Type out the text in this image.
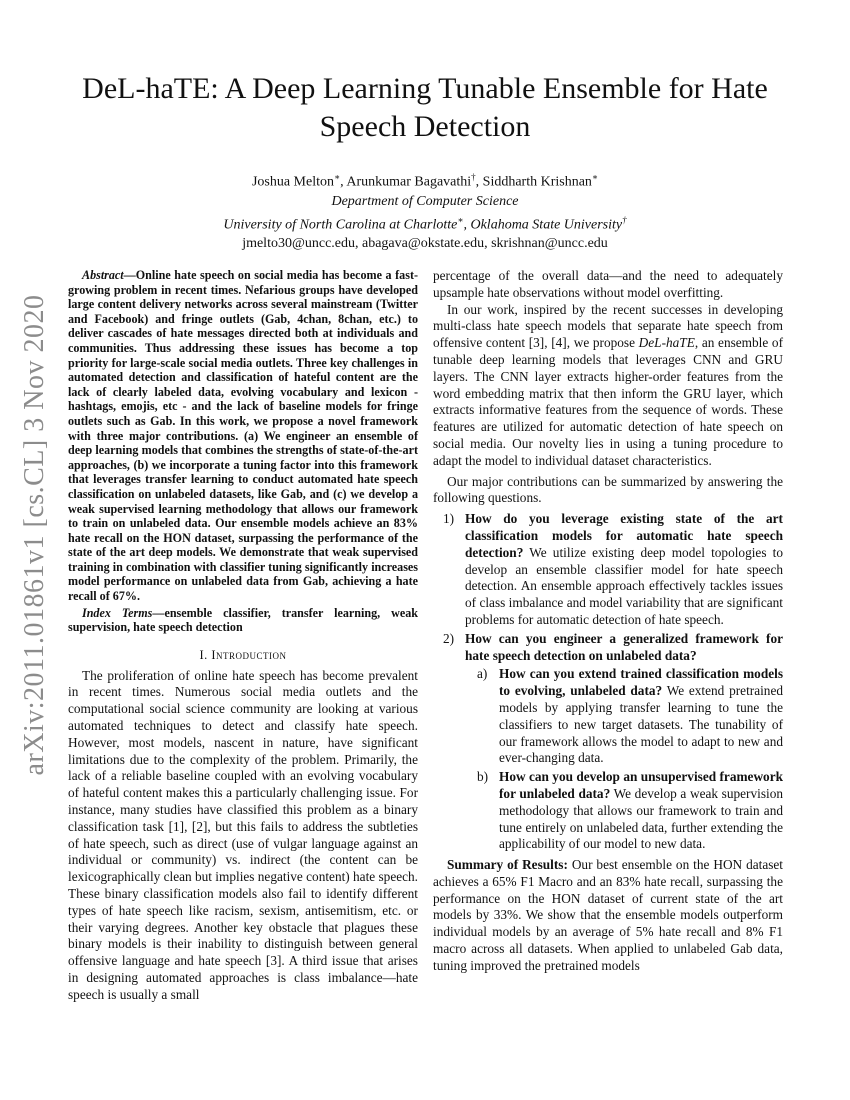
arXiv:2011.01861v1 [cs.CL] 3 Nov 2020
DeL-haTE: A Deep Learning Tunable Ensemble for Hate Speech Detection
Joshua Melton∗, Arunkumar Bagavathi†, Siddharth Krishnan∗
Department of Computer Science
University of North Carolina at Charlotte∗, Oklahoma State University†
jmelto30@uncc.edu, abagava@okstate.edu, skrishnan@uncc.edu

Abstract—Online hate speech on social media has become a fast-growing problem in recent times. Nefarious groups have developed large content delivery networks across several mainstream (Twitter and Facebook) and fringe outlets (Gab, 4chan, 8chan, etc.) to deliver cascades of hate messages directed both at individuals and communities. Thus addressing these issues has become a top priority for large-scale social media outlets. Three key challenges in automated detection and classification of hateful content are the lack of clearly labeled data, evolving vocabulary and lexicon - hashtags, emojis, etc - and the lack of baseline models for fringe outlets such as Gab. In this work, we propose a novel framework with three major contributions. (a) We engineer an ensemble of deep learning models that combines the strengths of state-of-the-art approaches, (b) we incorporate a tuning factor into this framework that leverages transfer learning to conduct automated hate speech classification on unlabeled datasets, like Gab, and (c) we develop a weak supervised learning methodology that allows our framework to train on unlabeled data. Our ensemble models achieve an 83% hate recall on the HON dataset, surpassing the performance of the state of the art deep models. We demonstrate that weak supervised training in combination with classifier tuning significantly increases model performance on unlabeled data from Gab, achieving a hate recall of 67%.

Index Terms—ensemble classifier, transfer learning, weak supervision, hate speech detection

I. Introduction

The proliferation of online hate speech has become prevalent in recent times. Numerous social media outlets and the computational social science community are looking at various automated techniques to detect and classify hate speech. However, most models, nascent in nature, have significant limitations due to the complexity of the problem. Primarily, the lack of a reliable baseline coupled with an evolving vocabulary of hateful content makes this a particularly challenging issue. For instance, many studies have classified this problem as a binary classification task [1], [2], but this fails to address the subtleties of hate speech, such as direct (use of vulgar language against an individual or community) vs. indirect (the content can be lexicographically clean but implies negative content) hate speech. These binary classification models also fail to identify different types of hate speech like racism, sexism, antisemitism, etc. or their varying degrees. Another key obstacle that plagues these binary models is their inability to distinguish between general offensive language and hate speech [3]. A third issue that arises in designing automated approaches is class imbalance—hate speech is usually a small

percentage of the overall data—and the need to adequately upsample hate observations without model overfitting.

In our work, inspired by the recent successes in developing multi-class hate speech models that separate hate speech from offensive content [3], [4], we propose DeL-haTE, an ensemble of tunable deep learning models that leverages CNN and GRU layers. The CNN layer extracts higher-order features from the word embedding matrix that then inform the GRU layer, which extracts informative features from the sequence of words. These features are utilized for automatic detection of hate speech on social media. Our novelty lies in using a tuning procedure to adapt the model to individual dataset characteristics.

Our major contributions can be summarized by answering the following questions.

1) How do you leverage existing state of the art classification models for automatic hate speech detection? We utilize existing deep model topologies to develop an ensemble classifier model for hate speech detection. An ensemble approach effectively tackles issues of class imbalance and model variability that are significant problems for automatic detection of hate speech.
2) How can you engineer a generalized framework for hate speech detection on unlabeled data?
a) How can you extend trained classification models to evolving, unlabeled data? We extend pretrained models by applying transfer learning to tune the classifiers to new target datasets. The tunability of our framework allows the model to adapt to new and ever-changing data.
b) How can you develop an unsupervised framework for unlabeled data? We develop a weak supervision methodology that allows our framework to train and tune entirely on unlabeled data, further extending the applicability of our model to new data.

Summary of Results: Our best ensemble on the HON dataset achieves a 65% F1 Macro and an 83% hate recall, surpassing the performance on the HON dataset of current state of the art models by 33%. We show that the ensemble models outperform individual models by an average of 5% hate recall and 8% F1 macro across all datasets. When applied to unlabeled Gab data, tuning improved the pretrained models
